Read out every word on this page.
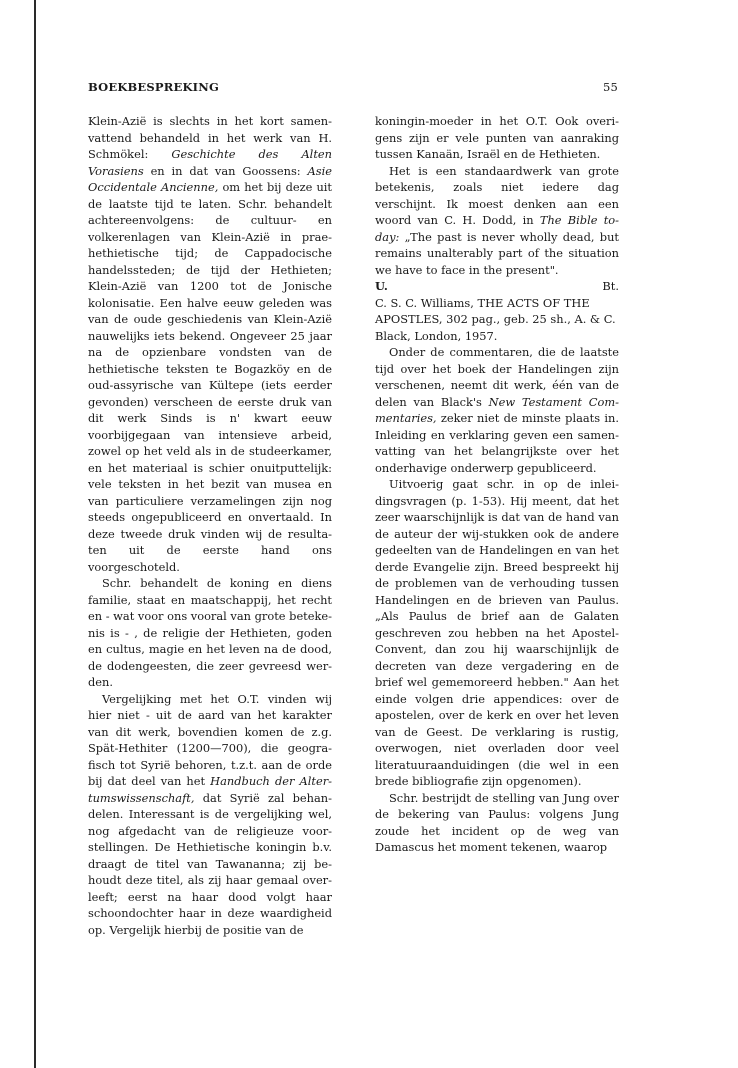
BOEKBESPREKING	55

Klein-Azië is slechts in het kort samenvattend behandeld in het werk van H. Schmökel: Geschichte des Alten Vorasiens en in dat van Goossens: Asie Occidentale Ancienne, om het bij deze uit de laatste tijd te laten. Schr. behandelt achtereenvolgens: de cultuur- en volkerenlagen van Klein-Azië in prae-hethietische tijd; de Cappadocische handelssteden; de tijd der Hethieten; Klein-Azië van 1200 tot de Jonische kolonisatie. Een halve eeuw geleden was van de oude geschiedenis van Klein-Azië nauwelijks iets bekend. Ongeveer 25 jaar na de opzienbare vondsten van de hethietische teksten te Bogazköy en de oud-assyrische van Kültepe (iets eerder gevonden) verscheen de eerste druk van dit werk Sinds is n' kwart eeuw voorbijgegaan van intensieve arbeid, zowel op het veld als in de studeerkamer, en het materiaal is schier onuitputtelijk: vele teksten in het bezit van musea en van particuliere verzamelingen zijn nog steeds ongepubliceerd en onvertaald. In deze tweede druk vinden wij de resultaten uit de eerste hand ons voorgeschoteld.

Schr. behandelt de koning en diens familie, staat en maatschappij, het recht en - wat voor ons vooral van grote betekenis is - , de religie der Hethieten, goden en cultus, magie en het leven na de dood, de dodengeesten, die zeer gevreesd werden.

Vergelijking met het O.T. vinden wij hier niet - uit de aard van het karakter van dit werk, bovendien komen de z.g. Spät-Hethiter (1200—700), die geografisch tot Syrië behoren, t.z.t. aan de orde bij dat deel van het Handbuch der Altertumswissenschaft, dat Syrië zal behandelen. Interessant is de vergelijking wel, nog afgedacht van de religieuze voorstellingen. De Hethietische koningin b.v. draagt de titel van Tawananna; zij behoudt deze titel, als zij haar gemaal overleeft; eerst na haar dood volgt haar schoondochter haar in deze waardigheid op. Vergelijk hierbij de positie van de

koningin-moeder in het O.T. Ook overigens zijn er vele punten van aanraking tussen Kanaän, Israël en de Hethieten.

Het is een standaardwerk van grote betekenis, zoals niet iedere dag verschijnt. Ik moest denken aan een woord van C. H. Dodd, in The Bible to-day: „The past is never wholly dead, but remains unalterably part of the situation we have to face in the present".

U.	Bt.

C. S. C. Williams, THE ACTS OF THE APOSTLES, 302 pag., geb. 25 sh., A. & C. Black, London, 1957.

Onder de commentaren, die de laatste tijd over het boek der Handelingen zijn verschenen, neemt dit werk, één van de delen van Black's New Testament Commentaries, zeker niet de minste plaats in. Inleiding en verklaring geven een samenvatting van het belangrijkste over het onderhavige onderwerp gepubliceerd.

Uitvoerig gaat schr. in op de inleidingsvragen (p. 1-53). Hij meent, dat het zeer waarschijnlijk is dat van de hand van de auteur der wij-stukken ook de andere gedeelten van de Handelingen en van het derde Evangelie zijn. Breed bespreekt hij de problemen van de verhouding tussen Handelingen en de brieven van Paulus. „Als Paulus de brief aan de Galaten geschreven zou hebben na het Apostel-Convent, dan zou hij waarschijnlijk de decreten van deze vergadering en de brief wel gememoreerd hebben." Aan het einde volgen drie appendices: over de apostelen, over de kerk en over het leven van de Geest. De verklaring is rustig, overwogen, niet overladen door veel literatuuraanduidingen (die wel in een brede bibliografie zijn opgenomen).

Schr. bestrijdt de stelling van Jung over de bekering van Paulus: volgens Jung zoude het incident op de weg van Damascus het moment tekenen, waarop
